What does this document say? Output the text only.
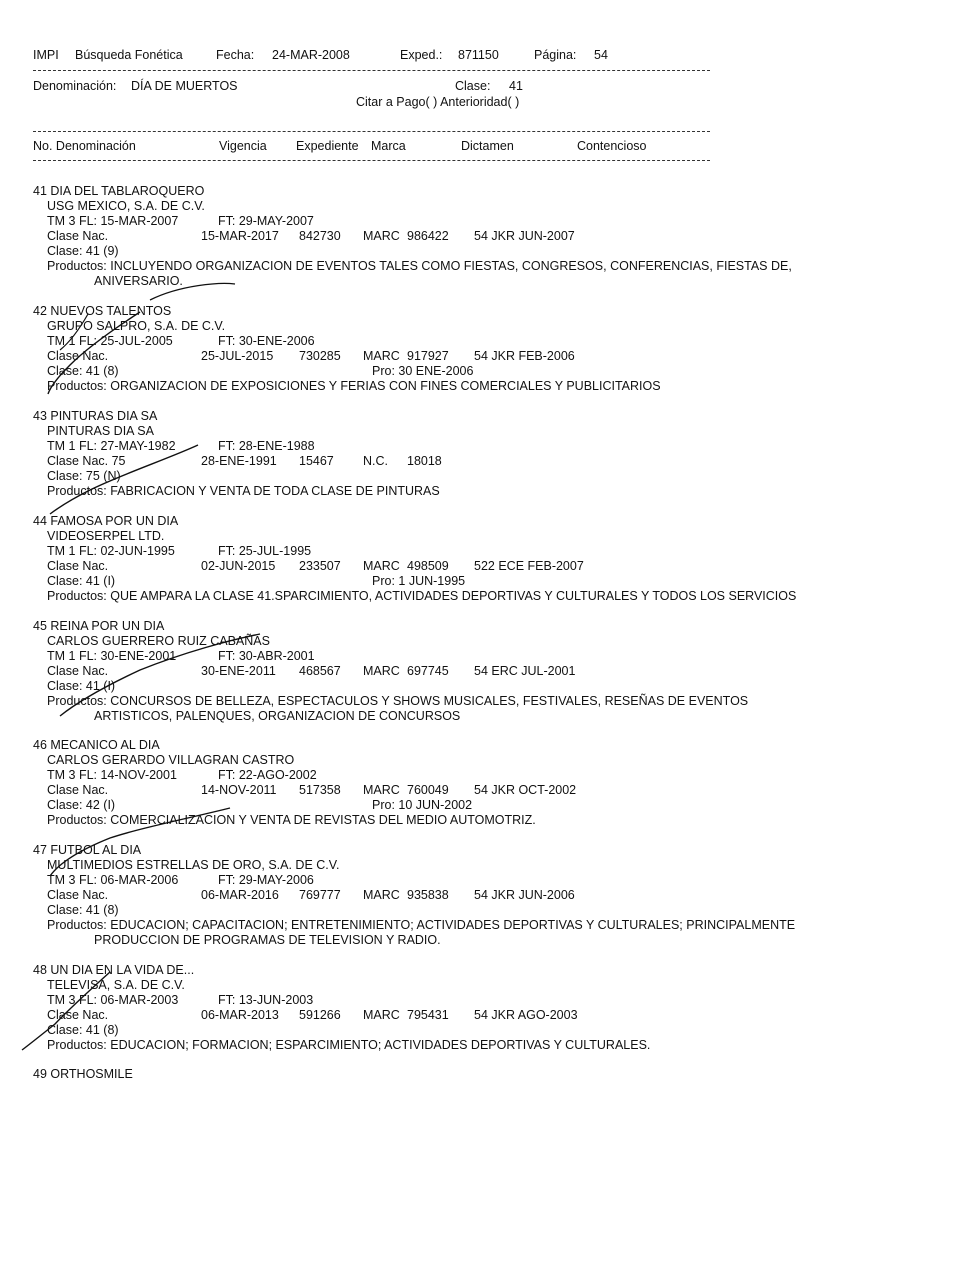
IMPI Búsqueda Fonética	Fecha: 24-MAR-2008	Exped.: 871150	Página: 54
Denominación: DÍA DE MUERTOS	Clase: 41
Citar a Pago( ) Anterioridad( )
No. Denominación	Vigencia Expediente Marca	Dictamen	Contencioso
41 DIA DEL TABLAROQUERO
USG MEXICO, S.A. DE C.V.
TM 3 FL: 15-MAR-2007	FT: 29-MAY-2007
Clase Nac.	15-MAR-2017 842730 MARC 986422 54 JKR JUN-2007
Clase: 41 (9)
Productos: INCLUYENDO ORGANIZACION DE EVENTOS TALES COMO FIESTAS, CONGRESOS, CONFERENCIAS, FIESTAS DE,
ANIVERSARIO.
42 NUEVOS TALENTOS
GRUPO SALPRO, S.A. DE C.V.
TM 1 FL: 25-JUL-2005	FT: 30-ENE-2006
Clase Nac.	25-JUL-2015 730285 MARC 917927 54 JKR FEB-2006
Clase: 41 (8)	Pro: 30 ENE-2006
Productos: ORGANIZACION DE EXPOSICIONES Y FERIAS CON FINES COMERCIALES Y PUBLICITARIOS
43 PINTURAS DIA SA
PINTURAS DIA SA
TM 1 FL: 27-MAY-1982	FT: 28-ENE-1988
Clase Nac. 75	28-ENE-1991 15467 N.C. 18018
Clase: 75 (N)
Productos: FABRICACION Y VENTA DE TODA CLASE DE PINTURAS
44 FAMOSA POR UN DIA
VIDEOSERPEL LTD.
TM 1 FL: 02-JUN-1995	FT: 25-JUL-1995
Clase Nac.	02-JUN-2015 233507 MARC 498509 522 ECE FEB-2007
Clase: 41 (I)	Pro: 1 JUN-1995
Productos: QUE AMPARA LA CLASE 41.SPARCIMIENTO, ACTIVIDADES DEPORTIVAS Y CULTURALES Y TODOS LOS SERVICIOS
45 REINA POR UN DIA
CARLOS GUERRERO RUIZ CABAÑAS
TM 1 FL: 30-ENE-2001	FT: 30-ABR-2001
Clase Nac.	30-ENE-2011 468567 MARC 697745 54 ERC JUL-2001
Clase: 41 (I)
Productos: CONCURSOS DE BELLEZA, ESPECTACULOS Y SHOWS MUSICALES, FESTIVALES, RESEÑAS DE EVENTOS
ARTISTICOS, PALENQUES, ORGANIZACION DE CONCURSOS
46 MECANICO AL DIA
CARLOS GERARDO VILLAGRAN CASTRO
TM 3 FL: 14-NOV-2001	FT: 22-AGO-2002
Clase Nac.	14-NOV-2011 517358 MARC 760049 54 JKR OCT-2002
Clase: 42 (I)	Pro: 10 JUN-2002
Productos: COMERCIALIZACION Y VENTA DE REVISTAS DEL MEDIO AUTOMOTRIZ.
47 FUTBOL AL DIA
MULTIMEDIOS ESTRELLAS DE ORO, S.A. DE C.V.
TM 3 FL: 06-MAR-2006	FT: 29-MAY-2006
Clase Nac.	06-MAR-2016 769777 MARC 935838 54 JKR JUN-2006
Clase: 41 (8)
Productos: EDUCACION; CAPACITACION; ENTRETENIMIENTO; ACTIVIDADES DEPORTIVAS Y CULTURALES; PRINCIPALMENTE
PRODUCCION DE PROGRAMAS DE TELEVISION Y RADIO.
48 UN DIA EN LA VIDA DE...
TELEVISA, S.A. DE C.V.
TM 3 FL: 06-MAR-2003	FT: 13-JUN-2003
Clase Nac.	06-MAR-2013 591266 MARC 795431 54 JKR AGO-2003
Clase: 41 (8)
Productos: EDUCACION; FORMACION; ESPARCIMIENTO; ACTIVIDADES DEPORTIVAS Y CULTURALES.
49 ORTHOSMILE
